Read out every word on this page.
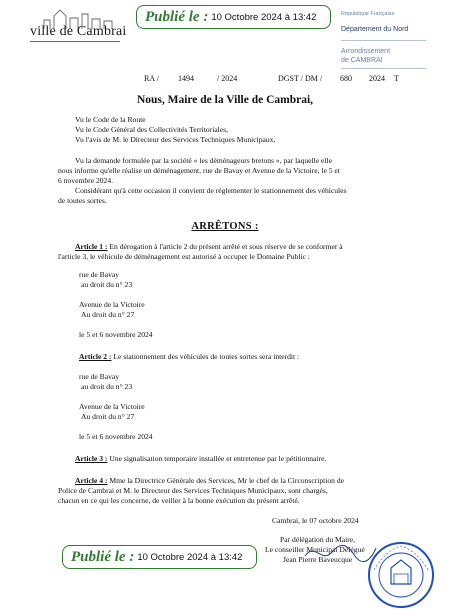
ville de Cambrai
Publié le : 10 Octobre 2024 à 13:42	République Française
Département du Nord
Arrondissement
de CAMBRAI
RA / 1494	/ 2024	DGST / DM / 680 2024 T
Nous, Maire de la Ville de Cambrai,
Vu le Code de la Route
Vu le Code Général des Collectivités Territoriales,
Vu l'avis de M. le Directeur des Services Techniques Municipaux,
Vu la demande formulée par la société « les déménageurs bretons », par laquelle elle
nous informe qu'elle réalise un déménagement, rue de Bavay et Avenue de la Victoire, le 5 et
6 novembre 2024.
Considérant qu'à cette occasion il convient de réglementer le stationnement des véhicules
de toutes sortes.
ARRÊTONS :
Article 1 : En dérogation à l'article 2 du présent arrêté et sous réserve de se conformer à
l'article 3, le véhicule de déménagement est autorisé à occuper le Domaine Public :
rue de Bavay
au droit du n° 23
Avenue de la Victoire
Au droit du n° 27
le 5 et 6 novembre 2024
Article 2 : Le stationnement des véhicules de toutes sortes sera interdit :
rue de Bavay
au droit du n° 23
Avenue de la Victoire
Au droit du n° 27
le 5 et 6 novembre 2024
Article 3 : Une signalisation temporaire installée et entretenue par le pétitionnaire.
Article 4 : Mme la Directrice Générale des Services, Mr le chef de la Circonscription de
Police de Cambrai et M. le Directeur des Services Techniques Municipaux, sont chargés,
chacun en ce qui les concerne, de veiller à la bonne exécution du présent arrêté.
Cambrai, le 07 octobre 2024
Par délégation du Maire,
Le conseiller Municipal Délégué
Jean Pierre Baveucque
Publié le : 10 Octobre 2024 à 13:42
